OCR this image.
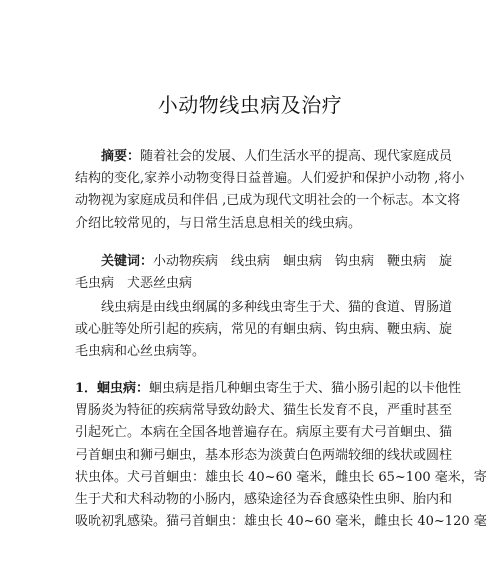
小动物线虫病及治疗
摘要：随着社会的发展、人们生活水平的提高、现代家庭成员
结构的变化,家养小动物变得日益普遍。人们爱护和保护小动物 ,将小
动物视为家庭成员和伴侣 ,已成为现代文明社会的一个标志。本文将
介绍比较常见的，与日常生活息息相关的线虫病。
关键词：小动物疾病　线虫病　蛔虫病　钩虫病　鞭虫病　旋
毛虫病　犬恶丝虫病
线虫病是由线虫纲属的多种线虫寄生于犬、猫的食道、胃肠道
或心脏等处所引起的疾病，常见的有蛔虫病、钩虫病、鞭虫病、旋
毛虫病和心丝虫病等。
1．蛔虫病：蛔虫病是指几种蛔虫寄生于犬、猫小肠引起的以卡他性
胃肠炎为特征的疾病常导致幼龄犬、猫生长发育不良，严重时甚至
引起死亡。本病在全国各地普遍存在。病原主要有犬弓首蛔虫、猫
弓首蛔虫和狮弓蛔虫，基本形态为淡黄白色两端较细的线状或圆柱
状虫体。犬弓首蛔虫：雄虫长 40~60 毫米，雌虫长 65~100 毫米，寄
生于犬和犬科动物的小肠内，感染途径为吞食感染性虫卵、胎内和
吸吮初乳感染。猫弓首蛔虫：雄虫长 40~60 毫米，雌虫长 40~120 毫
